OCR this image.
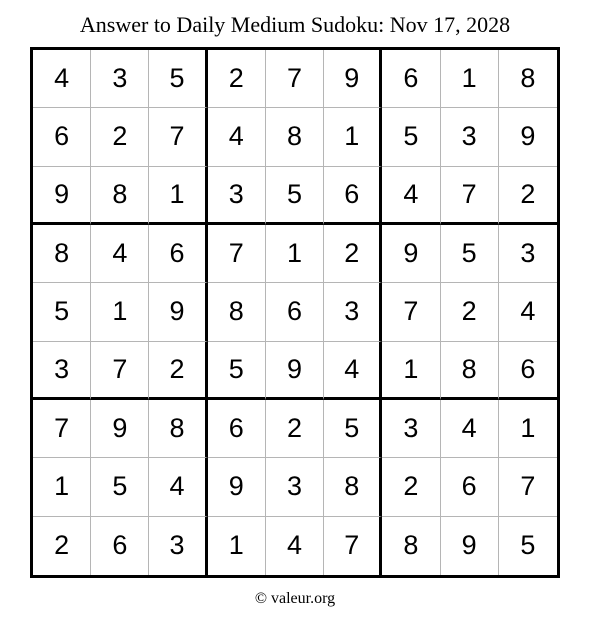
Answer to Daily Medium Sudoku: Nov 17, 2028
4	3	5	2	7	9	6	1	8
6	2	7	4	8	1	5	3	9
9	8	1	3	5	6	4	7	2
8	4	6	7	1	2	9	5	3
5	1	9	8	6	3	7	2	4
3	7	2	5	9	4	1	8	6
7	9	8	6	2	5	3	4	1
1	5	4	9	3	8	2	6	7
2	6	3	1	4	7	8	9	5
© valeur.org
